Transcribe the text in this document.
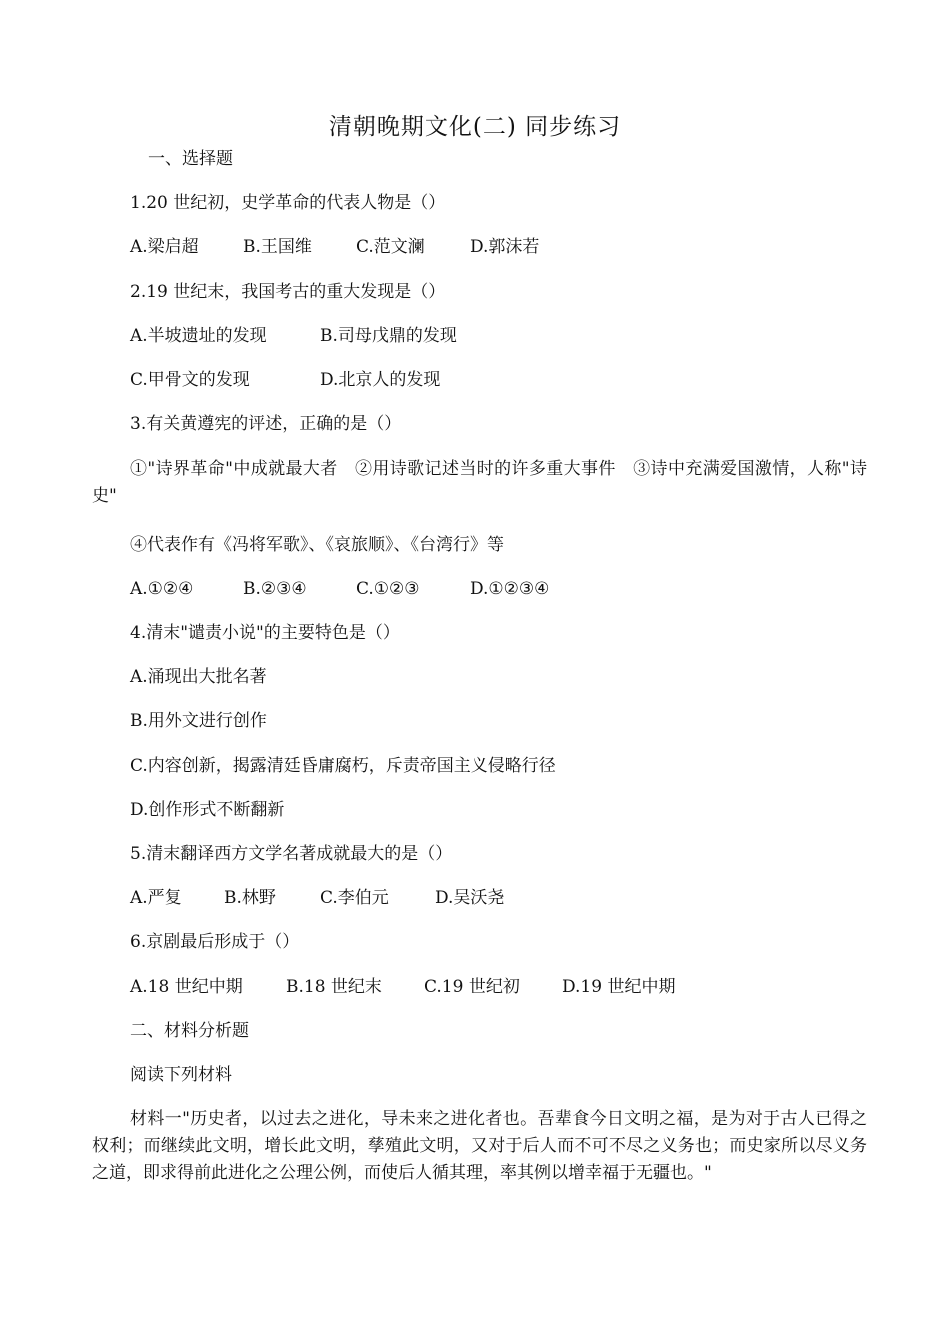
清朝晚期文化(二) 同步练习
一、选择题
1.20 世纪初，史学革命的代表人物是（）
A.梁启超	B.王国维	C.范文澜	D.郭沫若
2.19 世纪末，我国考古的重大发现是（）
A.半坡遗址的发现	B.司母戊鼎的发现
C.甲骨文的发现	D.北京人的发现
3.有关黄遵宪的评述，正确的是（）
①"诗界革命"中成就最大者　②用诗歌记述当时的许多重大事件　③诗中充满爱国激情，人称"诗史"
④代表作有《冯将军歌》、《哀旅顺》、《台湾行》等
A.①②④	B.②③④	C.①②③	D.①②③④
4.清末"谴责小说"的主要特色是（）
A.涌现出大批名著
B.用外文进行创作
C.内容创新，揭露清廷昏庸腐朽，斥责帝国主义侵略行径
D.创作形式不断翻新
5.清末翻译西方文学名著成就最大的是（）
A.严复 B.林野	C.李伯元	D.吴沃尧
6.京剧最后形成于（）
A.18 世纪中期	B.18 世纪末 C.19 世纪初 D.19 世纪中期
二、材料分析题
阅读下列材料
材料一"历史者，以过去之进化，导未来之进化者也。吾辈食今日文明之福，是为对于古人已得之权利；而继续此文明，增长此文明，孳殖此文明，又对于后人而不可不尽之义务也；而史家所以尽义务之道，即求得前此进化之公理公例，而使后人循其理，率其例以增幸福于无疆也。"
